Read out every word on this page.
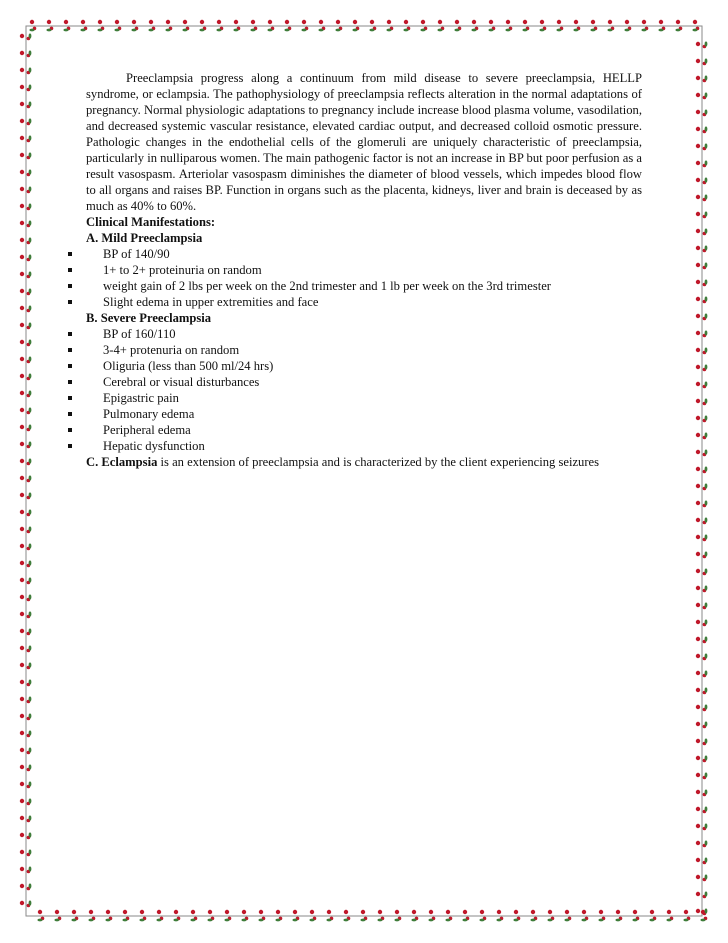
Preeclampsia progress along a continuum from mild disease to severe preeclampsia, HELLP syndrome, or eclampsia. The pathophysiology of preeclampsia reflects alteration in the normal adaptations of pregnancy. Normal physiologic adaptations to pregnancy include increase blood plasma volume, vasodilation, and decreased systemic vascular resistance, elevated cardiac output, and decreased colloid osmotic pressure. Pathologic changes in the endothelial cells of the glomeruli are uniquely characteristic of preeclampsia, particularly in nulliparous women. The main pathogenic factor is not an increase in BP but poor perfusion as a result vasospasm. Arteriolar vasospasm diminishes the diameter of blood vessels, which impedes blood flow to all organs and raises BP. Function in organs such as the placenta, kidneys, liver and brain is deceased by as much as 40% to 60%.

Clinical Manifestations:

A. Mild Preeclampsia

BP of 140/90
1+ to 2+ proteinuria on random
weight gain of 2 lbs per week on the 2nd trimester and 1 lb per week on the 3rd trimester
Slight edema in upper extremities and face

B. Severe Preeclampsia

BP of 160/110
3-4+ protenuria on random
Oliguria (less than 500 ml/24 hrs)
Cerebral or visual disturbances
Epigastric pain
Pulmonary edema
Peripheral edema
Hepatic dysfunction

C. Eclampsia is an extension of preeclampsia and is characterized by the client experiencing seizures
